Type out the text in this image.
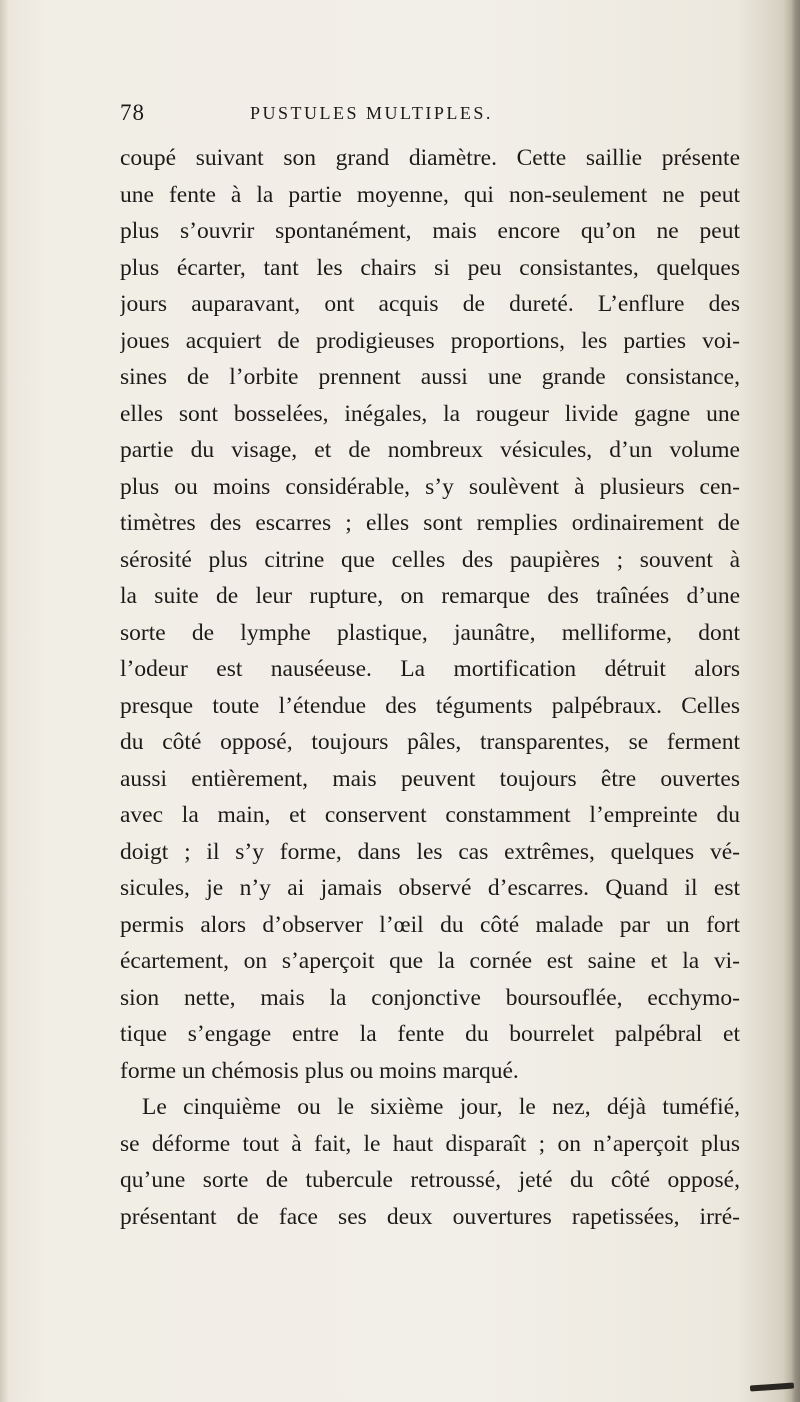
78	PUSTULES MULTIPLES.
coupé suivant son grand diamètre. Cette saillie présente
une fente à la partie moyenne, qui non-seulement ne peut
plus s’ouvrir spontanément, mais encore qu’on ne peut
plus écarter, tant les chairs si peu consistantes, quelques
jours auparavant, ont acquis de dureté. L’enflure des
joues acquiert de prodigieuses proportions, les parties voi-
sines de l’orbite prennent aussi une grande consistance,
elles sont bosselées, inégales, la rougeur livide gagne une
partie du visage, et de nombreux vésicules, d’un volume
plus ou moins considérable, s’y soulèvent à plusieurs cen-
timètres des escarres ; elles sont remplies ordinairement de
sérosité plus citrine que celles des paupières ; souvent à
la suite de leur rupture, on remarque des traînées d’une
sorte de lymphe plastique, jaunâtre, melliforme, dont
l’odeur est nauséeuse. La mortification détruit alors
presque toute l’étendue des téguments palpébraux. Celles
du côté opposé, toujours pâles, transparentes, se ferment
aussi entièrement, mais peuvent toujours être ouvertes
avec la main, et conservent constamment l’empreinte du
doigt ; il s’y forme, dans les cas extrêmes, quelques vé-
sicules, je n’y ai jamais observé d’escarres. Quand il est
permis alors d’observer l’œil du côté malade par un fort
écartement, on s’aperçoit que la cornée est saine et la vi-
sion nette, mais la conjonctive boursouflée, ecchymo-
tique s’engage entre la fente du bourrelet palpébral et
forme un chémosis plus ou moins marqué.
Le cinquième ou le sixième jour, le nez, déjà tuméfié,
se déforme tout à fait, le haut disparaît ; on n’aperçoit plus
qu’une sorte de tubercule retroussé, jeté du côté opposé,
présentant de face ses deux ouvertures rapetissées, irré-
